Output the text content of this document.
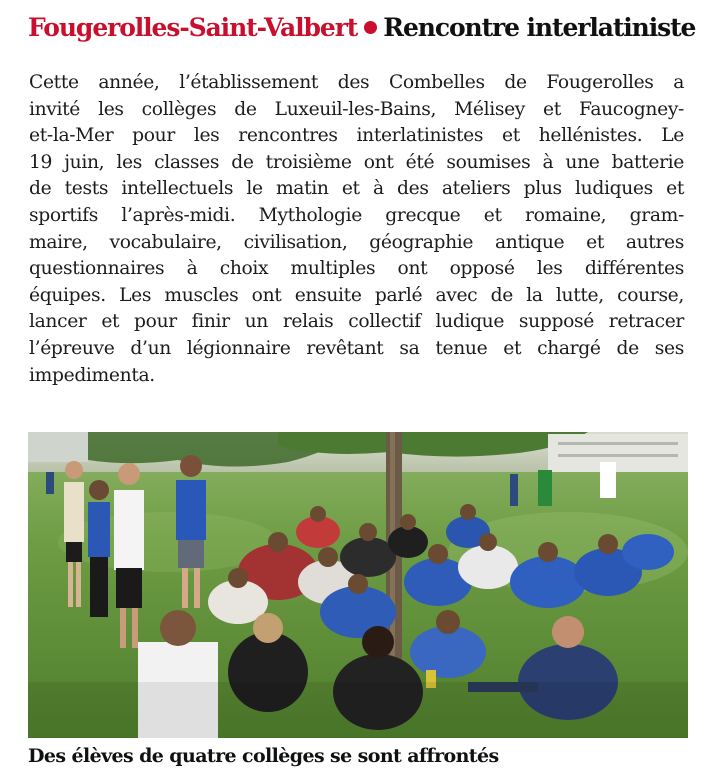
Fougerolles-Saint-Valbert Rencontre interlatiniste
Cette année, l’établissement des Combelles de Fougerolles a
invité les collèges de Luxeuil-les-Bains, Mélisey et Faucogney-
et-la-Mer pour les rencontres interlatinistes et hellénistes. Le
19 juin, les classes de troisième ont été soumises à une batterie
de tests intellectuels le matin et à des ateliers plus ludiques et
sportifs l’après-midi. Mythologie grecque et romaine, gram-
maire, vocabulaire, civilisation, géographie antique et autres
questionnaires à choix multiples ont opposé les différentes
équipes. Les muscles ont ensuite parlé avec de la lutte, course,
lancer et pour finir un relais collectif ludique supposé retracer
l’épreuve d’un légionnaire revêtant sa tenue et chargé de ses
impedimenta.
Des élèves de quatre collèges se sont affrontés
